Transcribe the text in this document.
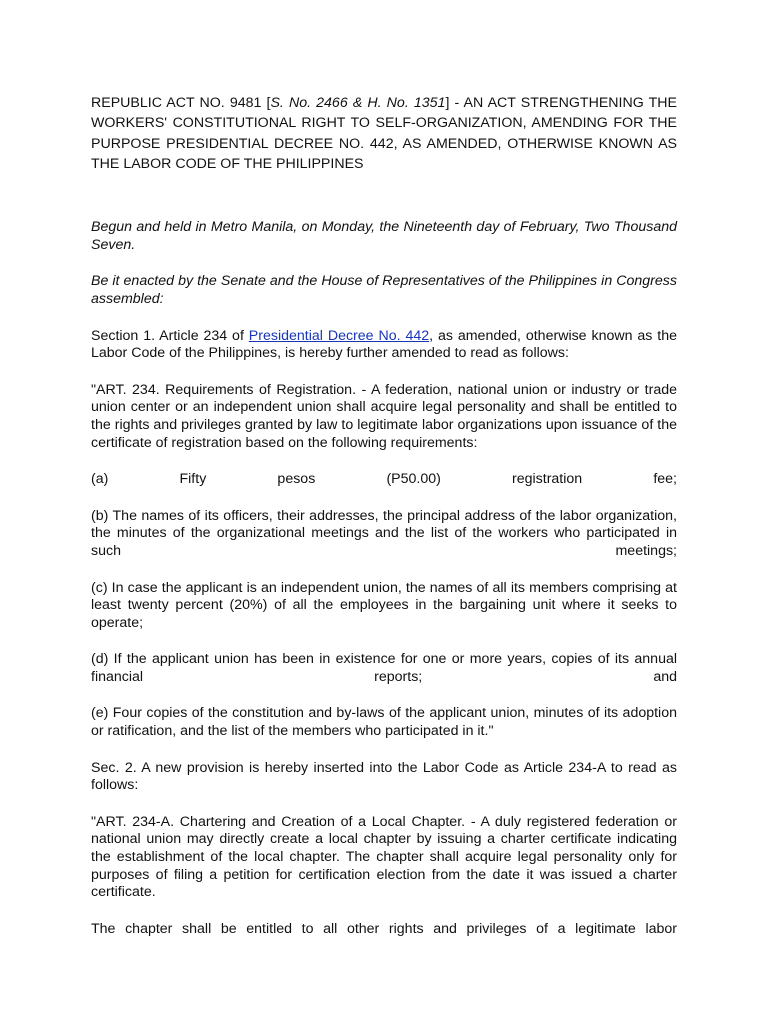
REPUBLIC ACT NO. 9481 [S. No. 2466 & H. No. 1351] - AN ACT STRENGTHENING THE WORKERS' CONSTITUTIONAL RIGHT TO SELF-ORGANIZATION, AMENDING FOR THE PURPOSE PRESIDENTIAL DECREE NO. 442, AS AMENDED, OTHERWISE KNOWN AS THE LABOR CODE OF THE PHILIPPINES

Begun and held in Metro Manila, on Monday, the Nineteenth day of February, Two Thousand Seven.

Be it enacted by the Senate and the House of Representatives of the Philippines in Congress assembled:

Section 1. Article 234 of Presidential Decree No. 442, as amended, otherwise known as the Labor Code of the Philippines, is hereby further amended to read as follows:

"ART. 234. Requirements of Registration. - A federation, national union or industry or trade union center or an independent union shall acquire legal personality and shall be entitled to the rights and privileges granted by law to legitimate labor organizations upon issuance of the certificate of registration based on the following requirements:

(a) Fifty pesos (P50.00) registration fee;

(b) The names of its officers, their addresses, the principal address of the labor organization, the minutes of the organizational meetings and the list of the workers who participated in such meetings;

(c) In case the applicant is an independent union, the names of all its members comprising at least twenty percent (20%) of all the employees in the bargaining unit where it seeks to operate;

(d) If the applicant union has been in existence for one or more years, copies of its annual financial reports; and

(e) Four copies of the constitution and by-laws of the applicant union, minutes of its adoption or ratification, and the list of the members who participated in it."

Sec. 2. A new provision is hereby inserted into the Labor Code as Article 234-A to read as follows:

"ART. 234-A. Chartering and Creation of a Local Chapter. - A duly registered federation or national union may directly create a local chapter by issuing a charter certificate indicating the establishment of the local chapter. The chapter shall acquire legal personality only for purposes of filing a petition for certification election from the date it was issued a charter certificate.

The chapter shall be entitled to all other rights and privileges of a legitimate labor
